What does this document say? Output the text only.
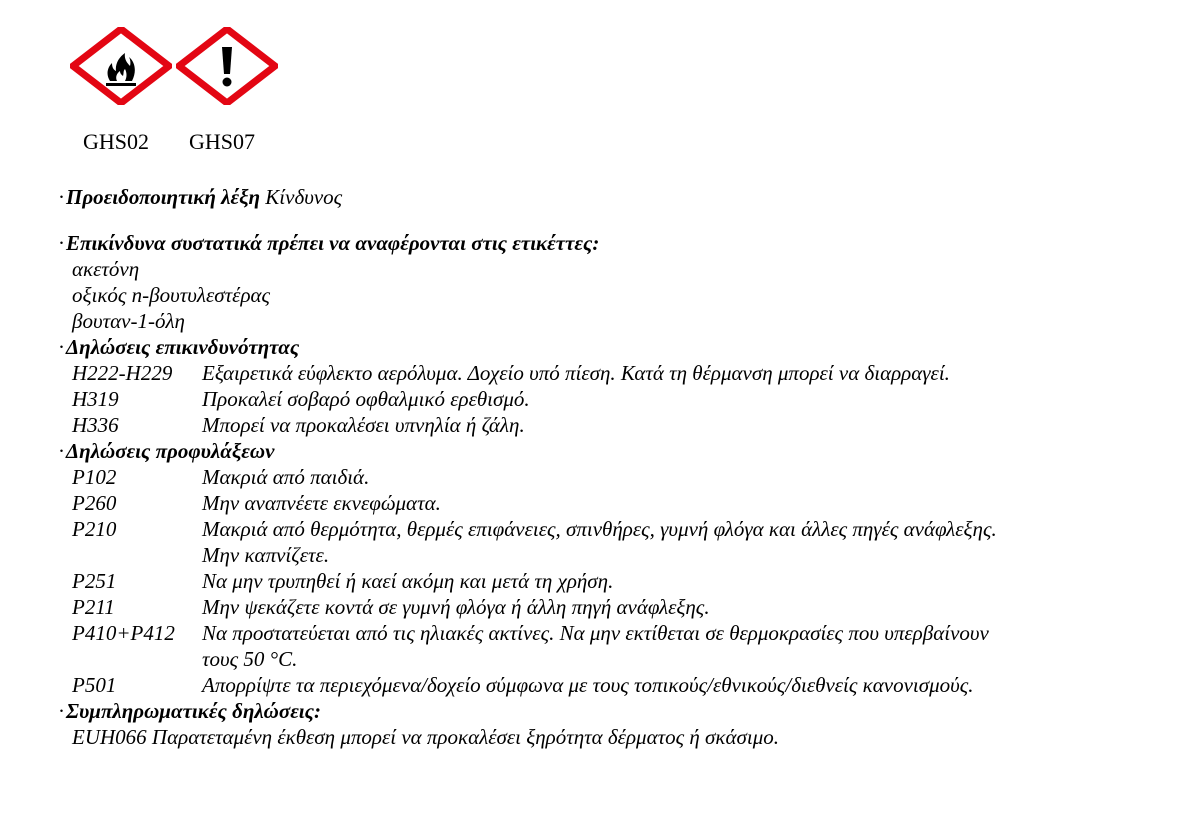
GHS02 GHS07
· Προειδοποιητική λέξη Κίνδυνος
· Επικίνδυνα συστατικά πρέπει να αναφέρονται στις ετικέττες:
ακετόνη
οξικός n-βουτυλεστέρας
βουταν-1-όλη
· Δηλώσεις επικινδυνότητας
H222-H229 Εξαιρετικά εύφλεκτο αερόλυμα. Δοχείο υπό πίεση. Κατά τη θέρμανση μπορεί να διαρραγεί.
H319	Προκαλεί σοβαρό οφθαλμικό ερεθισμό.
H336	Μπορεί να προκαλέσει υπνηλία ή ζάλη.
· Δηλώσεις προφυλάξεων
P102	Μακριά από παιδιά.
P260	Μην αναπνέετε εκνεφώματα.
P210	Μακριά από θερμότητα, θερμές επιφάνειες, σπινθήρες, γυμνή φλόγα και άλλες πηγές ανάφλεξης.
Μην καπνίζετε.
P251	Να μην τρυπηθεί ή καεί ακόμη και μετά τη χρήση.
P211	Μην ψεκάζετε κοντά σε γυμνή φλόγα ή άλλη πηγή ανάφλεξης.
P410+P412 Να προστατεύεται από τις ηλιακές ακτίνες. Να μην εκτίθεται σε θερμοκρασίες που υπερβαίνουν
τους 50 °C.
P501	Απορρίψτε τα περιεχόμενα/δοχείο σύμφωνα με τους τοπικούς/εθνικούς/διεθνείς κανονισμούς.
· Συμπληρωματικές δηλώσεις:
EUH066 Παρατεταμένη έκθεση μπορεί να προκαλέσει ξηρότητα δέρματος ή σκάσιμο.
